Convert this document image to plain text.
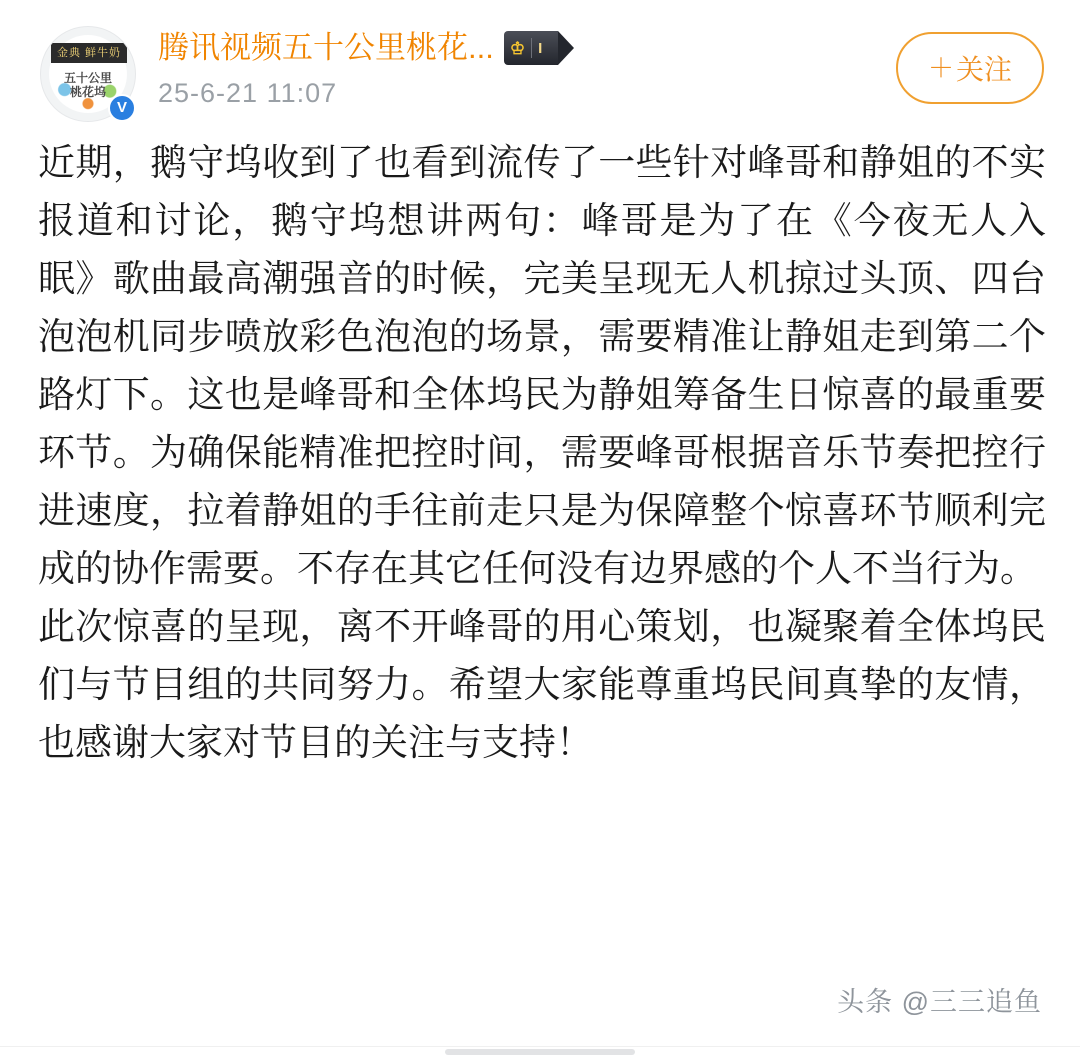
金典 鲜牛奶
五十公里
桃花坞
V
腾讯视频五十公里桃花... ♔ I
25-6-21 11:07
＋ 关注

近期，鹅守坞收到了也看到流传了一些针对峰哥和静姐的不实报道和讨论，鹅守坞想讲两句：峰哥是为了在《今夜无人入眠》歌曲最高潮强音的时候，完美呈现无人机掠过头顶、四台泡泡机同步喷放彩色泡泡的场景，需要精准让静姐走到第二个路灯下。这也是峰哥和全体坞民为静姐筹备生日惊喜的最重要环节。为确保能精准把控时间，需要峰哥根据音乐节奏把控行进速度，拉着静姐的手往前走只是为保障整个惊喜环节顺利完成的协作需要。不存在其它任何没有边界感的个人不当行为。

此次惊喜的呈现，离不开峰哥的用心策划，也凝聚着全体坞民们与节目组的共同努力。希望大家能尊重坞民间真挚的友情，也感谢大家对节目的关注与支持！

头条 @三三追鱼
